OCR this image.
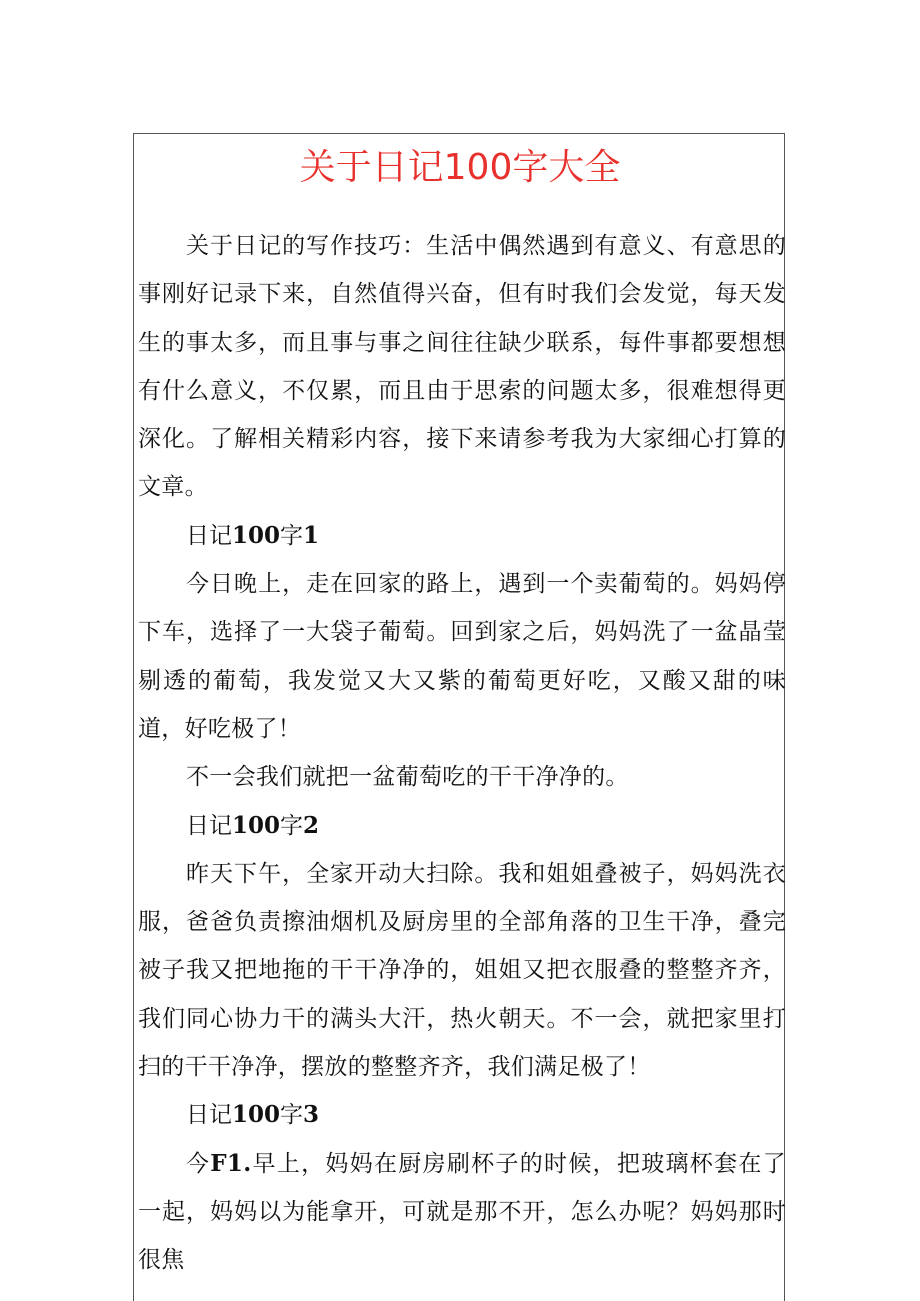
关于日记100字大全

关于日记的写作技巧：生活中偶然遇到有意义、有意思的事刚好记录下来，自然值得兴奋，但有时我们会发觉，每天发生的事太多，而且事与事之间往往缺少联系，每件事都要想想有什么意义，不仅累，而且由于思索的问题太多，很难想得更深化。了解相关精彩内容，接下来请参考我为大家细心打算的文章。

日记100字1

今日晚上，走在回家的路上，遇到一个卖葡萄的。妈妈停下车，选择了一大袋子葡萄。回到家之后，妈妈洗了一盆晶莹剔透的葡萄，我发觉又大又紫的葡萄更好吃，又酸又甜的味道，好吃极了！

不一会我们就把一盆葡萄吃的干干净净的。

日记100字2

昨天下午，全家开动大扫除。我和姐姐叠被子，妈妈洗衣服，爸爸负责擦油烟机及厨房里的全部角落的卫生干净，叠完被子我又把地拖的干干净净的，姐姐又把衣服叠的整整齐齐，我们同心协力干的满头大汗，热火朝天。不一会，就把家里打扫的干干净净，摆放的整整齐齐，我们满足极了！

日记100字3

今F1.早上，妈妈在厨房刷杯子的时候，把玻璃杯套在了一起，妈妈以为能拿开，可就是那不开，怎么办呢？妈妈那时很焦
